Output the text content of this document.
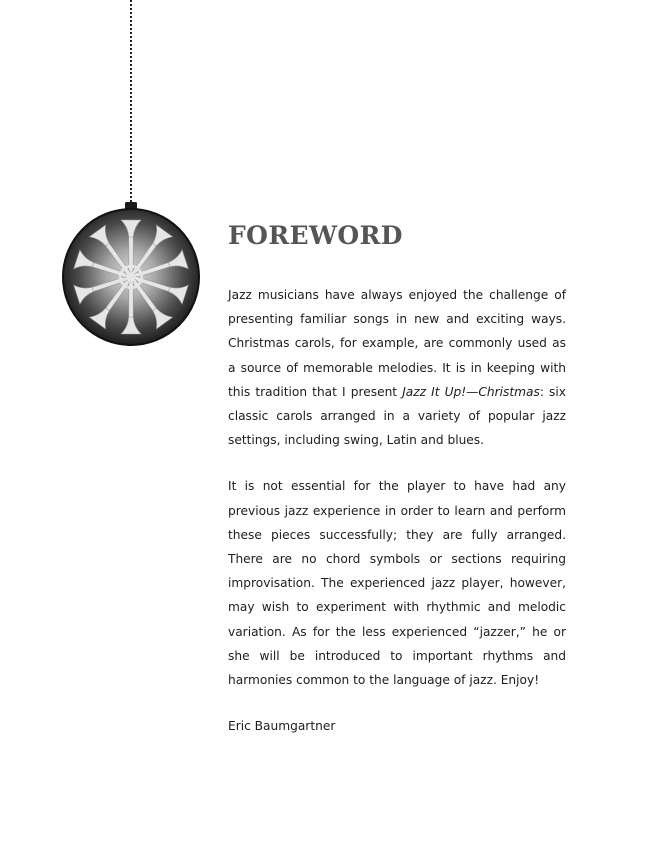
FOREWORD

Jazz musicians have always enjoyed the challenge of presenting familiar songs in new and exciting ways. Christmas carols, for example, are commonly used as a source of memorable melodies. It is in keeping with this tradition that I present Jazz It Up!—Christmas: six classic carols arranged in a variety of popular jazz settings, including swing, Latin and blues.

It is not essential for the player to have had any previous jazz experience in order to learn and perform these pieces successfully; they are fully arranged. There are no chord symbols or sections requiring improvisation. The experienced jazz player, however, may wish to experiment with rhythmic and melodic variation. As for the less experienced “jazzer,” he or she will be introduced to important rhythms and harmonies common to the language of jazz. Enjoy!

Eric Baumgartner
